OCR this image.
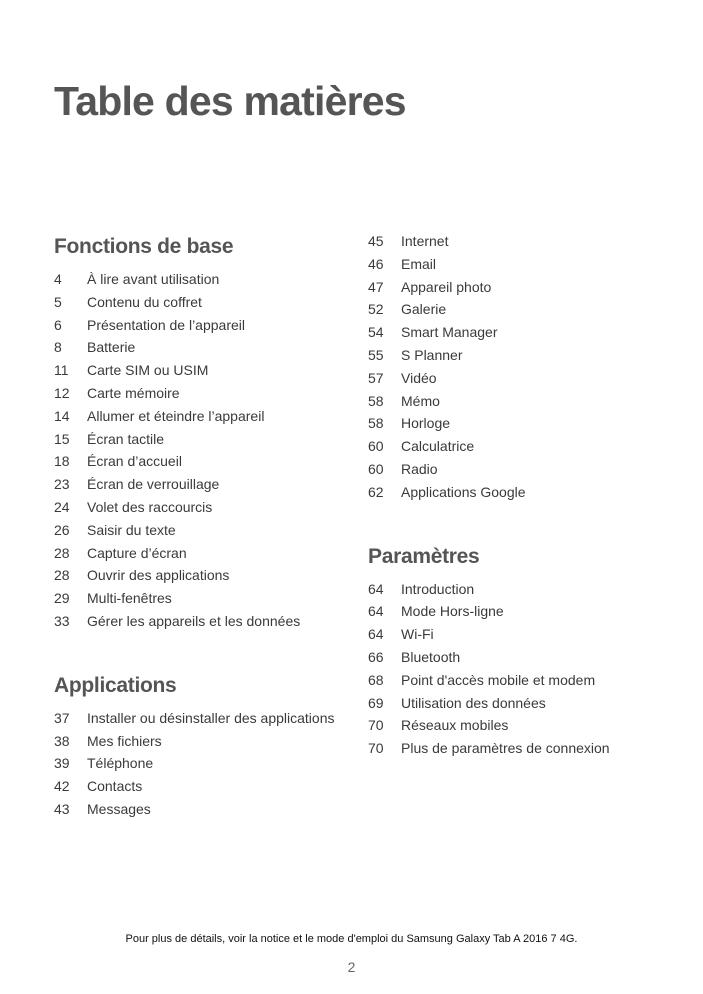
Table des matières
Fonctions de base
4	À lire avant utilisation
5	Contenu du coffret
6	Présentation de l’appareil
8	Batterie
11	Carte SIM ou USIM
12	Carte mémoire
14	Allumer et éteindre l’appareil
15	Écran tactile
18	Écran d’accueil
23	Écran de verrouillage
24	Volet des raccourcis
26	Saisir du texte
28	Capture d’écran
28	Ouvrir des applications
29	Multi-fenêtres
33	Gérer les appareils et les données
Applications
37	Installer ou désinstaller des applications
38	Mes fichiers
39	Téléphone
42	Contacts
43	Messages
45	Internet
46	Email
47	Appareil photo
52	Galerie
54	Smart Manager
55	S Planner
57	Vidéo
58	Mémo
58	Horloge
60	Calculatrice
60	Radio
62	Applications Google
Paramètres
64	Introduction
64	Mode Hors-ligne
64	Wi-Fi
66	Bluetooth
68	Point d'accès mobile et modem
69	Utilisation des données
70	Réseaux mobiles
70	Plus de paramètres de connexion
Pour plus de détails, voir la notice et le mode d'emploi du Samsung Galaxy Tab A 2016 7 4G.
2
